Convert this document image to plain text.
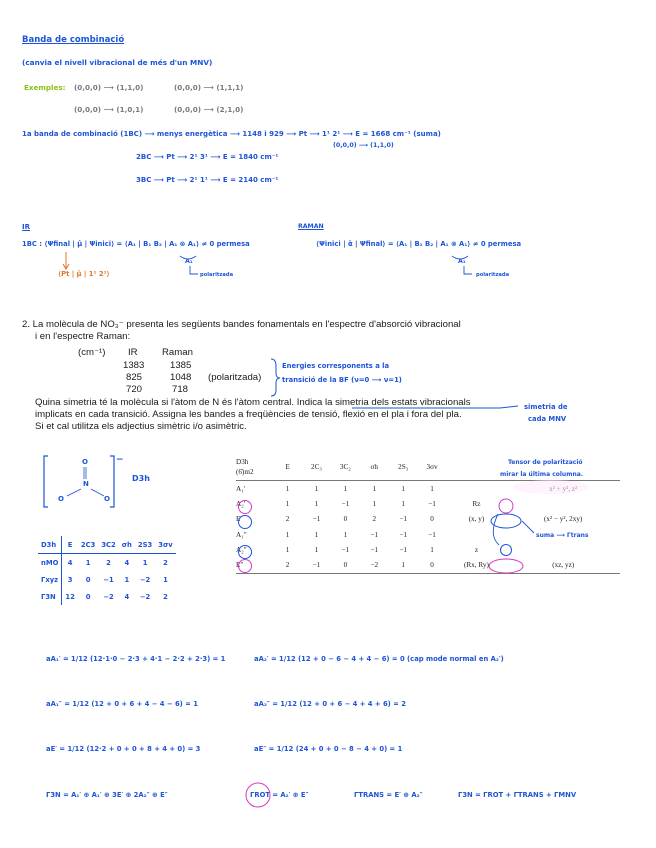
Banda de combinació
(canvia el nivell vibracional de més d'un MNV)
Exemples: (0,0,0) ⟶ (1,1,0)	(0,0,0) ⟶ (1,1,1)
(0,0,0) ⟶ (1,0,1)	(0,0,0) ⟶ (2,1,0)
1a banda de combinació (1BC) ⟶ menys energètica ⟶ 1148 i 929 ⟶ Pt ⟶ 1¹ 2¹ ⟶ E = 1668 cm⁻¹ (suma)
(0,0,0) ⟶ (1,1,0)
2BC ⟶ Pt ⟶ 2¹ 3¹ ⟶ E = 1840 cm⁻¹
3BC ⟶ Pt ⟶ 2¹ 1¹ ⟶ E = 2140 cm⁻¹
IR
1BC : ⟨Ψfinal | μ̂ | Ψinici⟩ = ⟨A₁ | B₁ B₂ | A₁ ⊗ A₁⟩ ≠ 0 permesa
⟨Pt | μ̂ | 1¹ 2¹⟩
A₁
polaritzada
RAMAN
⟨Ψinici | α̂ | Ψfinal⟩ = ⟨A₁ | B₁ B₂ | A₁ ⊗ A₁⟩ ≠ 0 permesa
A₁
polaritzada
2. La molècula de NO₃⁻ presenta les següents bandes fonamentals en l'espectre d'absorció vibracional
i en l'espectre Raman:
(cm⁻¹) IR	Raman
1383	1385
825	1048 (polaritzada)
720	718
Energies corresponents a la
transició de la BF (ν=0 ⟶ ν=1)
Quina simetria té la molècula si l'àtom de N és l'àtom central. Indica la simetria dels estats vibracionals
implicats en cada transició. Assigna les bandes a freqüències de tensió, flexió en el pla i fora del pla.
Si et cal utilitza els adjectius simètric i/o asimètric.
simetria de
cada MNV
O
N
O	O
−
D3h
Tensor de polarització
mirar la última columna.
D3h
(6̄)m2	E	2C₃	3C₂	σh	2S₃	3σv		
A₁′	1	1	1	1	1	1		
A₂′	1	1	−1	1	1	−1	Rz	
E′	2	−1	0	2	−1	0	(x, y)	(x² − y², 2xy)
A₁″	1	1	1	−1	−1	−1		
A₂″	1	1	−1	−1	−1	1	z	
E″	2	−1	0	−2	1	0	(Rx, Ry)	(xz, yz)
suma ⟶ Γtrans
D3h	E	2C3	3C2	σh	2S3	3σv
nMO	4	1	2	4	1	2
Γxyz	3	0	−1	1	−2	1
Γ3N	12	0	−2	4	−2	2
aA₁′ = 1/12 (12·1·0 − 2·3 + 4·1 − 2·2 + 2·3) = 1	aA₂′ = 1/12 (12 + 0 − 6 − 4 + 4 − 6) = 0 (cap mode normal en A₂′)
aA₁″ = 1/12 (12 + 0 + 6 + 4 − 4 − 6) = 1	aA₂″ = 1/12 (12 + 0 + 6 − 4 + 4 + 6) = 2
aE′ = 1/12 (12·2 + 0 + 0 + 8 + 4 + 0) = 3	aE″ = 1/12 (24 + 0 + 0 − 8 − 4 + 0) = 1
Γ3N = A₁′ ⊕ A₁′ ⊕ 3E′ ⊕ 2A₂″ ⊕ E″	ΓROT = A₂′ ⊕ E″	ΓTRANS = E′ ⊕ A₂″	Γ3N = ΓROT + ΓTRANS + ΓMNV
